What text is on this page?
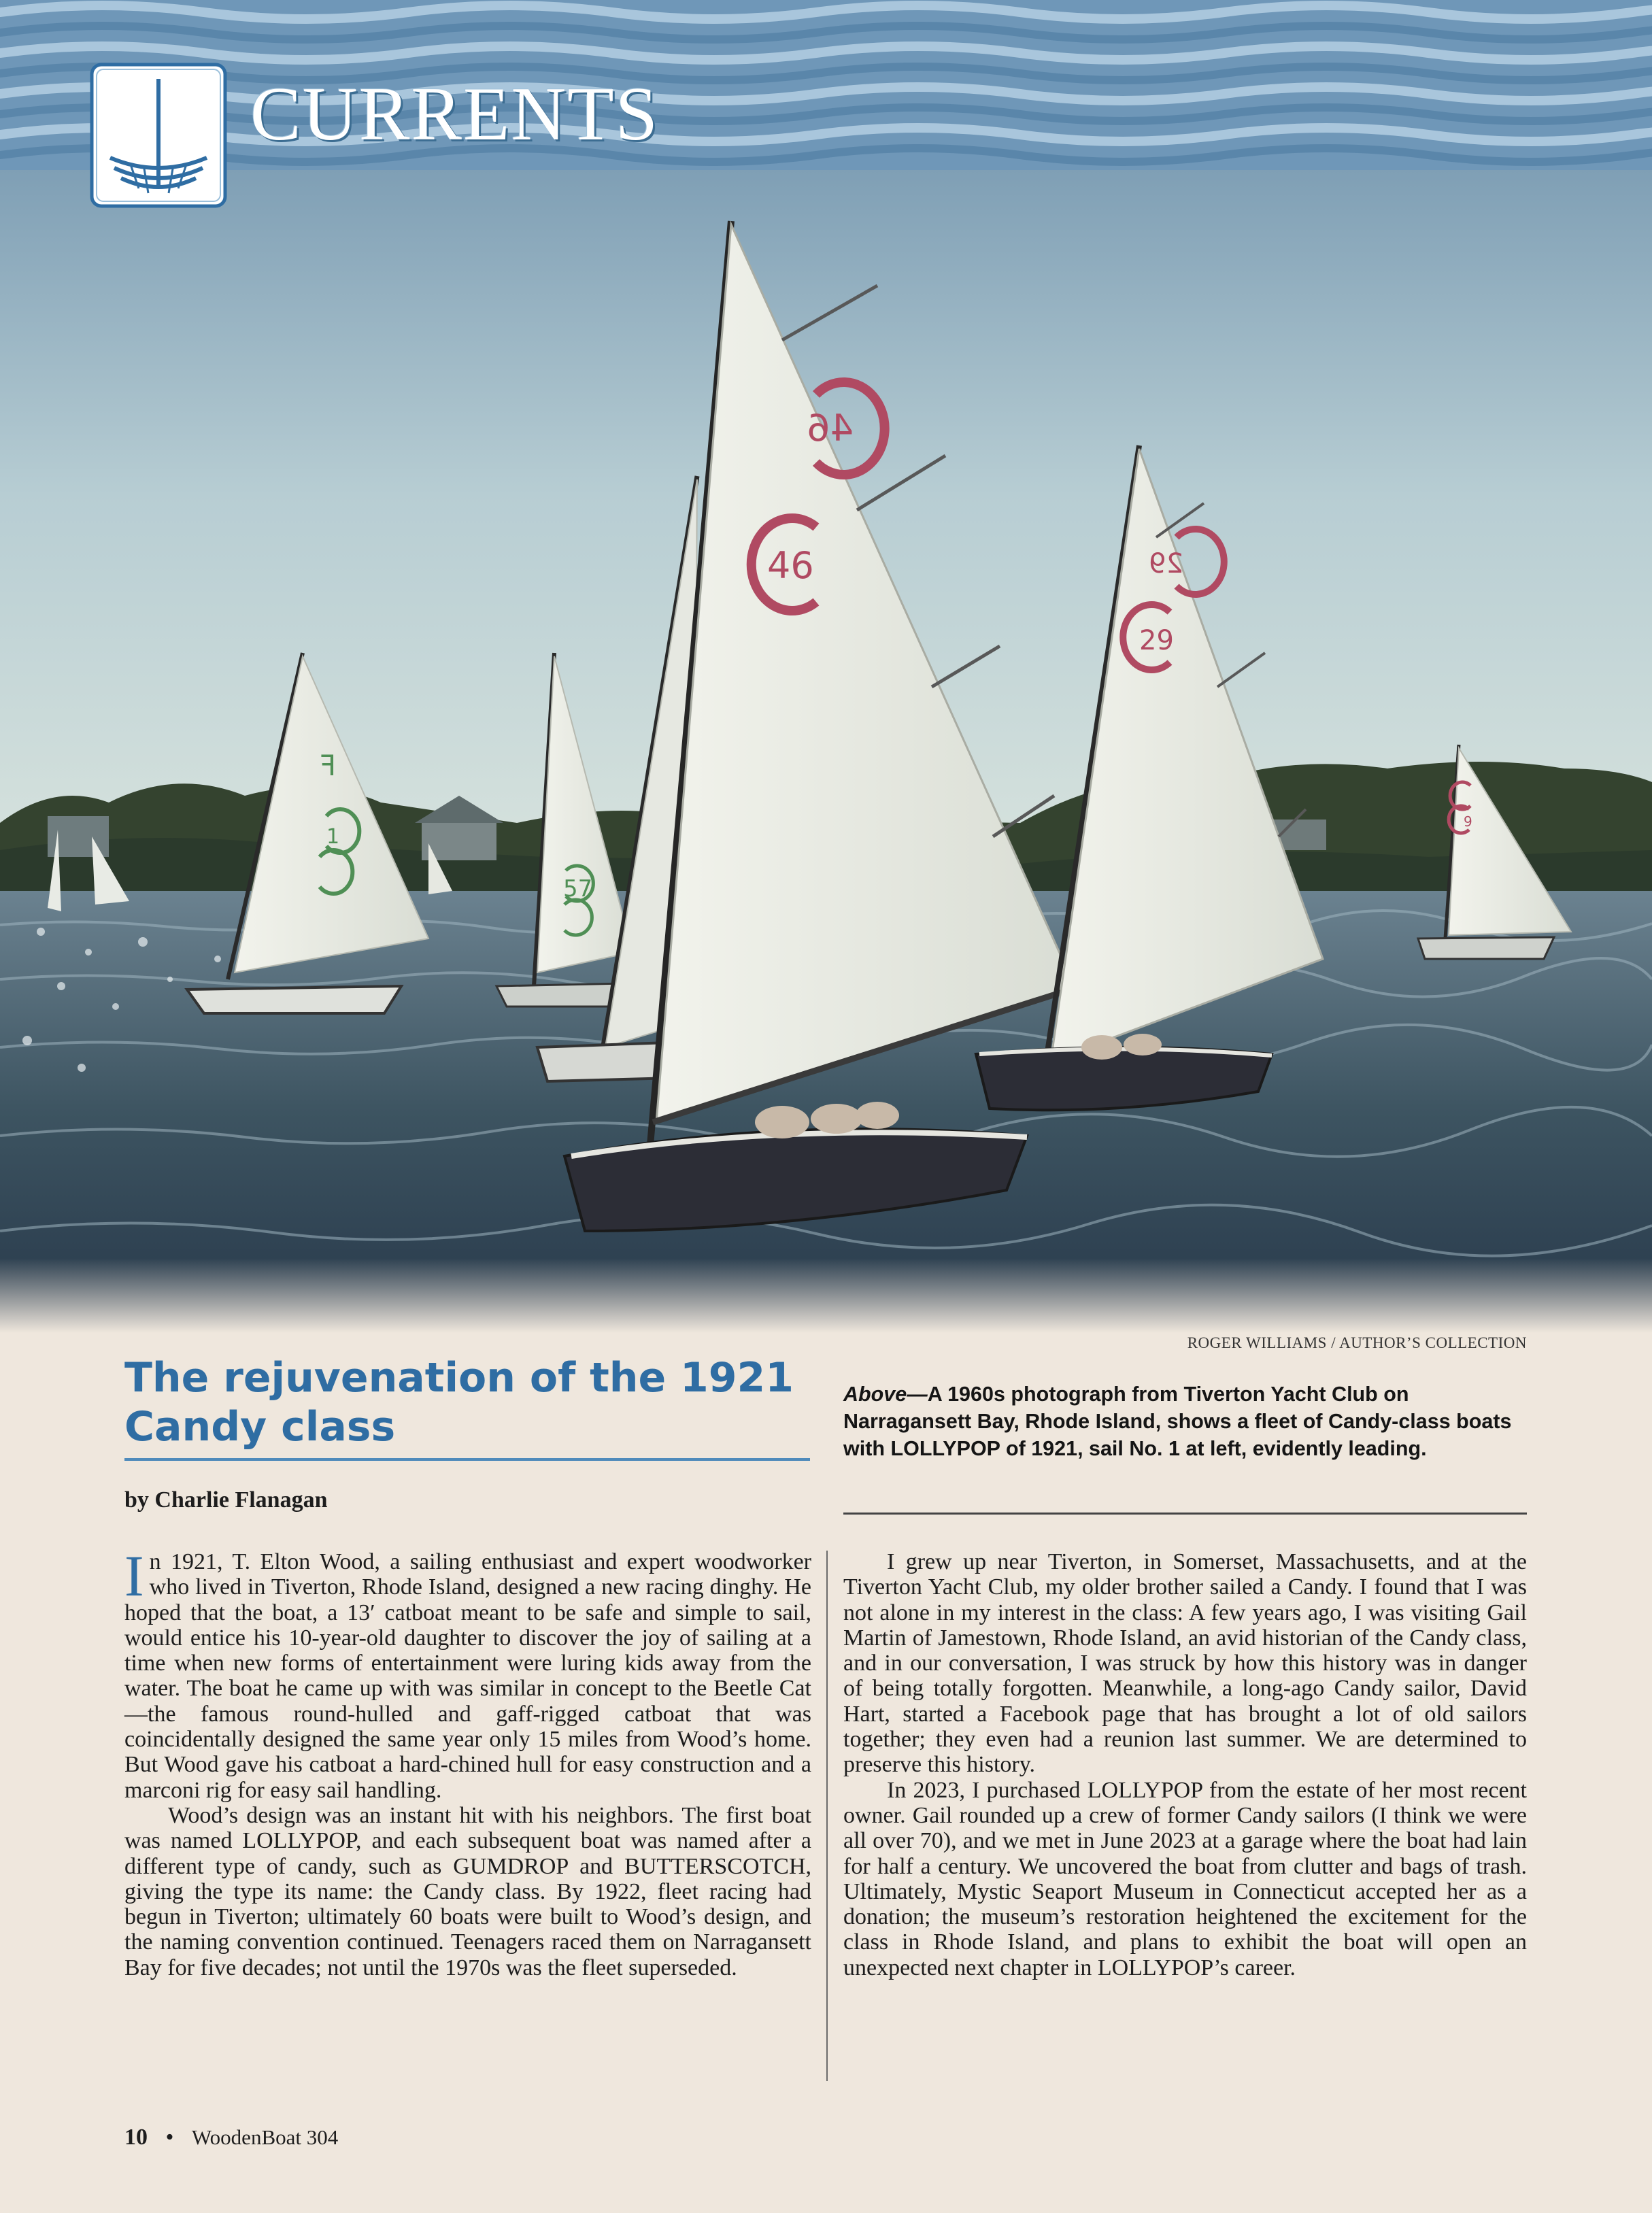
ꟻ
1
57
46
46	29
29
9
CURRENTS
ROGER WILLIAMS / AUTHOR’S COLLECTION
The rejuvenation of the 1921 Candy class
by Charlie Flanagan

Above—A 1960s photograph from Tiverton Yacht Club on Narragansett Bay, Rhode Island, shows a fleet of Candy-class boats with LOLLYPOP of 1921, sail No. 1 at left, evidently leading.

In 1921, T. Elton Wood, a sailing enthusiast and expert woodworker who lived in Tiverton, Rhode Island, designed a new racing dinghy. He hoped that the boat, a 13′ catboat meant to be safe and simple to sail, would entice his 10-year-old daughter to discover the joy of sailing at a time when new forms of entertainment were luring kids away from the water. The boat he came up with was similar in concept to the Beetle Cat—the famous round-hulled and gaff-rigged catboat that was coincidentally designed the same year only 15 miles from Wood’s home. But Wood gave his catboat a hard-chined hull for easy construction and a marconi rig for easy sail handling.

Wood’s design was an instant hit with his neighbors. The first boat was named LOLLYPOP, and each subsequent boat was named after a different type of candy, such as GUMDROP and BUTTERSCOTCH, giving the type its name: the Candy class. By 1922, fleet racing had begun in Tiverton; ultimately 60 boats were built to Wood’s design, and the naming convention continued. Teenagers raced them on Narragansett Bay for five decades; not until the 1970s was the fleet superseded.

I grew up near Tiverton, in Somerset, Massachusetts, and at the Tiverton Yacht Club, my older brother sailed a Candy. I found that I was not alone in my interest in the class: A few years ago, I was visiting Gail Martin of Jamestown, Rhode Island, an avid historian of the Candy class, and in our conversation, I was struck by how this history was in danger of being totally forgotten. Meanwhile, a long-ago Candy sailor, David Hart, started a Facebook page that has brought a lot of old sailors together; they even had a reunion last summer. We are determined to preserve this history.

In 2023, I purchased LOLLYPOP from the estate of her most recent owner. Gail rounded up a crew of former Candy sailors (I think we were all over 70), and we met in June 2023 at a garage where the boat had lain for half a century. We uncovered the boat from clutter and bags of trash. Ultimately, Mystic Seaport Museum in Connecticut accepted her as a donation; the museum’s restoration heightened the excitement for the class in Rhode Island, and plans to exhibit the boat will open an unexpected next chapter in LOLLYPOP’s career.

10 • WoodenBoat 304
